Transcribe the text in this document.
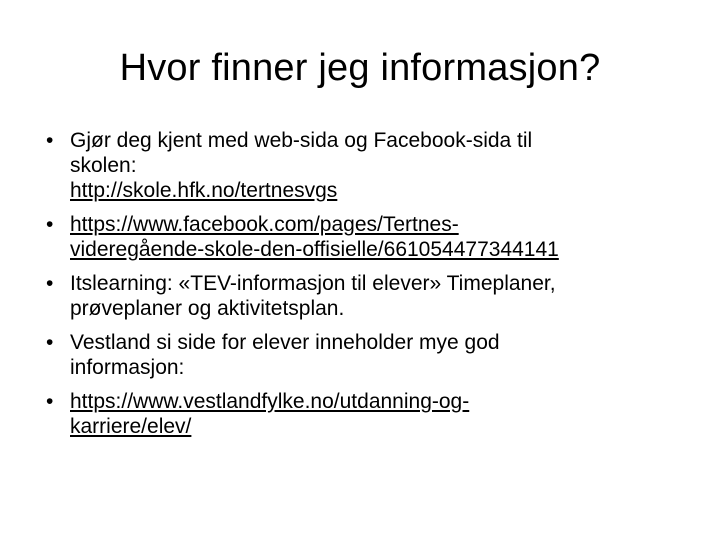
Hvor finner jeg informasjon?
• Gjør deg kjent med web-sida og Facebook-sida til
skolen:
http://skole.hfk.no/tertnesvgs
• https://www.facebook.com/pages/Tertnes-
videregående-skole-den-offisielle/661054477344141
• Itslearning: «TEV-informasjon til elever» Timeplaner,
prøveplaner og aktivitetsplan.
• Vestland si side for elever inneholder mye god
informasjon:
• https://www.vestlandfylke.no/utdanning-og-
karriere/elev/
